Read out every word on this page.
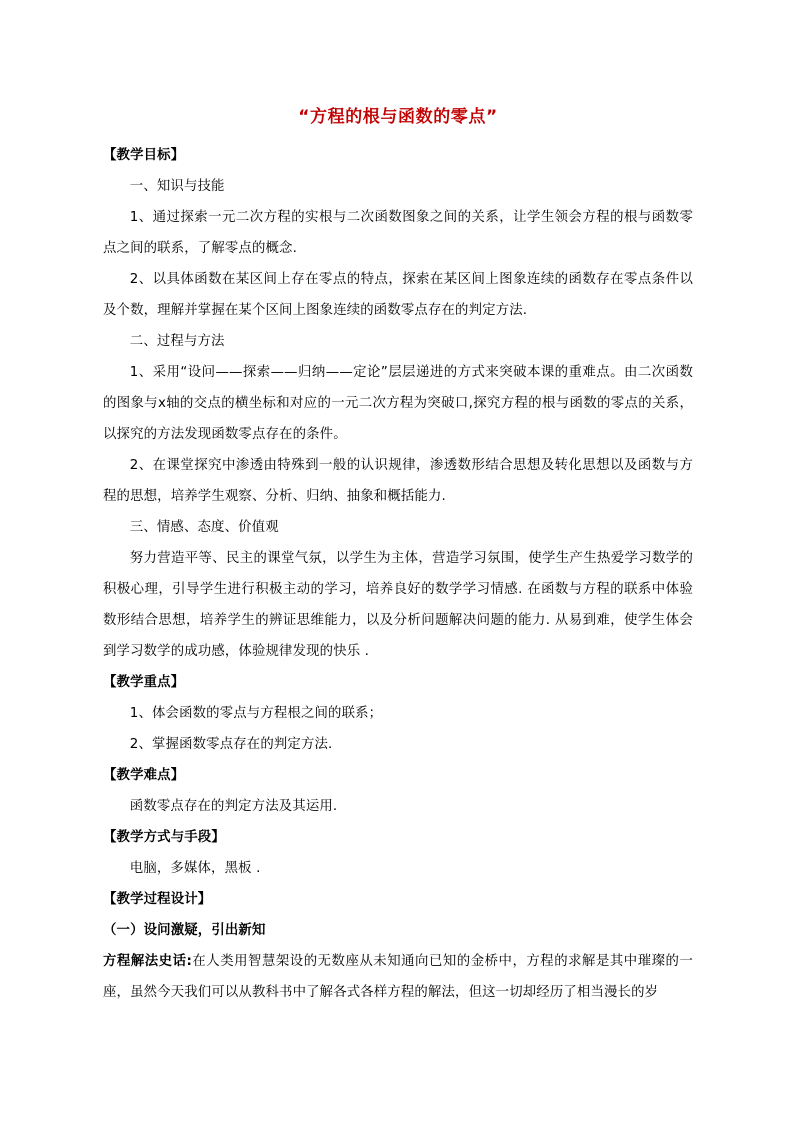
“方程的根与函数的零点”

【教学目标】

一、知识与技能

1、通过探索一元二次方程的实根与二次函数图象之间的关系，让学生领会方程的根与函数零点之间的联系，了解零点的概念.

2、以具体函数在某区间上存在零点的特点，探索在某区间上图象连续的函数存在零点条件以及个数，理解并掌握在某个区间上图象连续的函数零点存在的判定方法.

二、过程与方法

1、采用“设问——探索——归纳——定论”层层递进的方式来突破本课的重难点。由二次函数的图象与x轴的交点的横坐标和对应的一元二次方程为突破口,探究方程的根与函数的零点的关系，以探究的方法发现函数零点存在的条件。

2、在课堂探究中渗透由特殊到一般的认识规律，渗透数形结合思想及转化思想以及函数与方程的思想，培养学生观察、分析、归纳、抽象和概括能力.

三、情感、态度、价值观

努力营造平等、民主的课堂气氛，以学生为主体，营造学习氛围，使学生产生热爱学习数学的积极心理，引导学生进行积极主动的学习，培养良好的数学学习情感. 在函数与方程的联系中体验数形结合思想，培养学生的辨证思维能力，以及分析问题解决问题的能力. 从易到难，使学生体会到学习数学的成功感，体验规律发现的快乐 .

【教学重点】

1、体会函数的零点与方程根之间的联系；

2、掌握函数零点存在的判定方法.

【教学难点】

函数零点存在的判定方法及其运用.

【教学方式与手段】

电脑，多媒体，黑板 .

【教学过程设计】

（一）设问激疑，引出新知

方程解法史话:在人类用智慧架设的无数座从未知通向已知的金桥中，方程的求解是其中璀璨的一座，虽然今天我们可以从教科书中了解各式各样方程的解法，但这一切却经历了相当漫长的岁
